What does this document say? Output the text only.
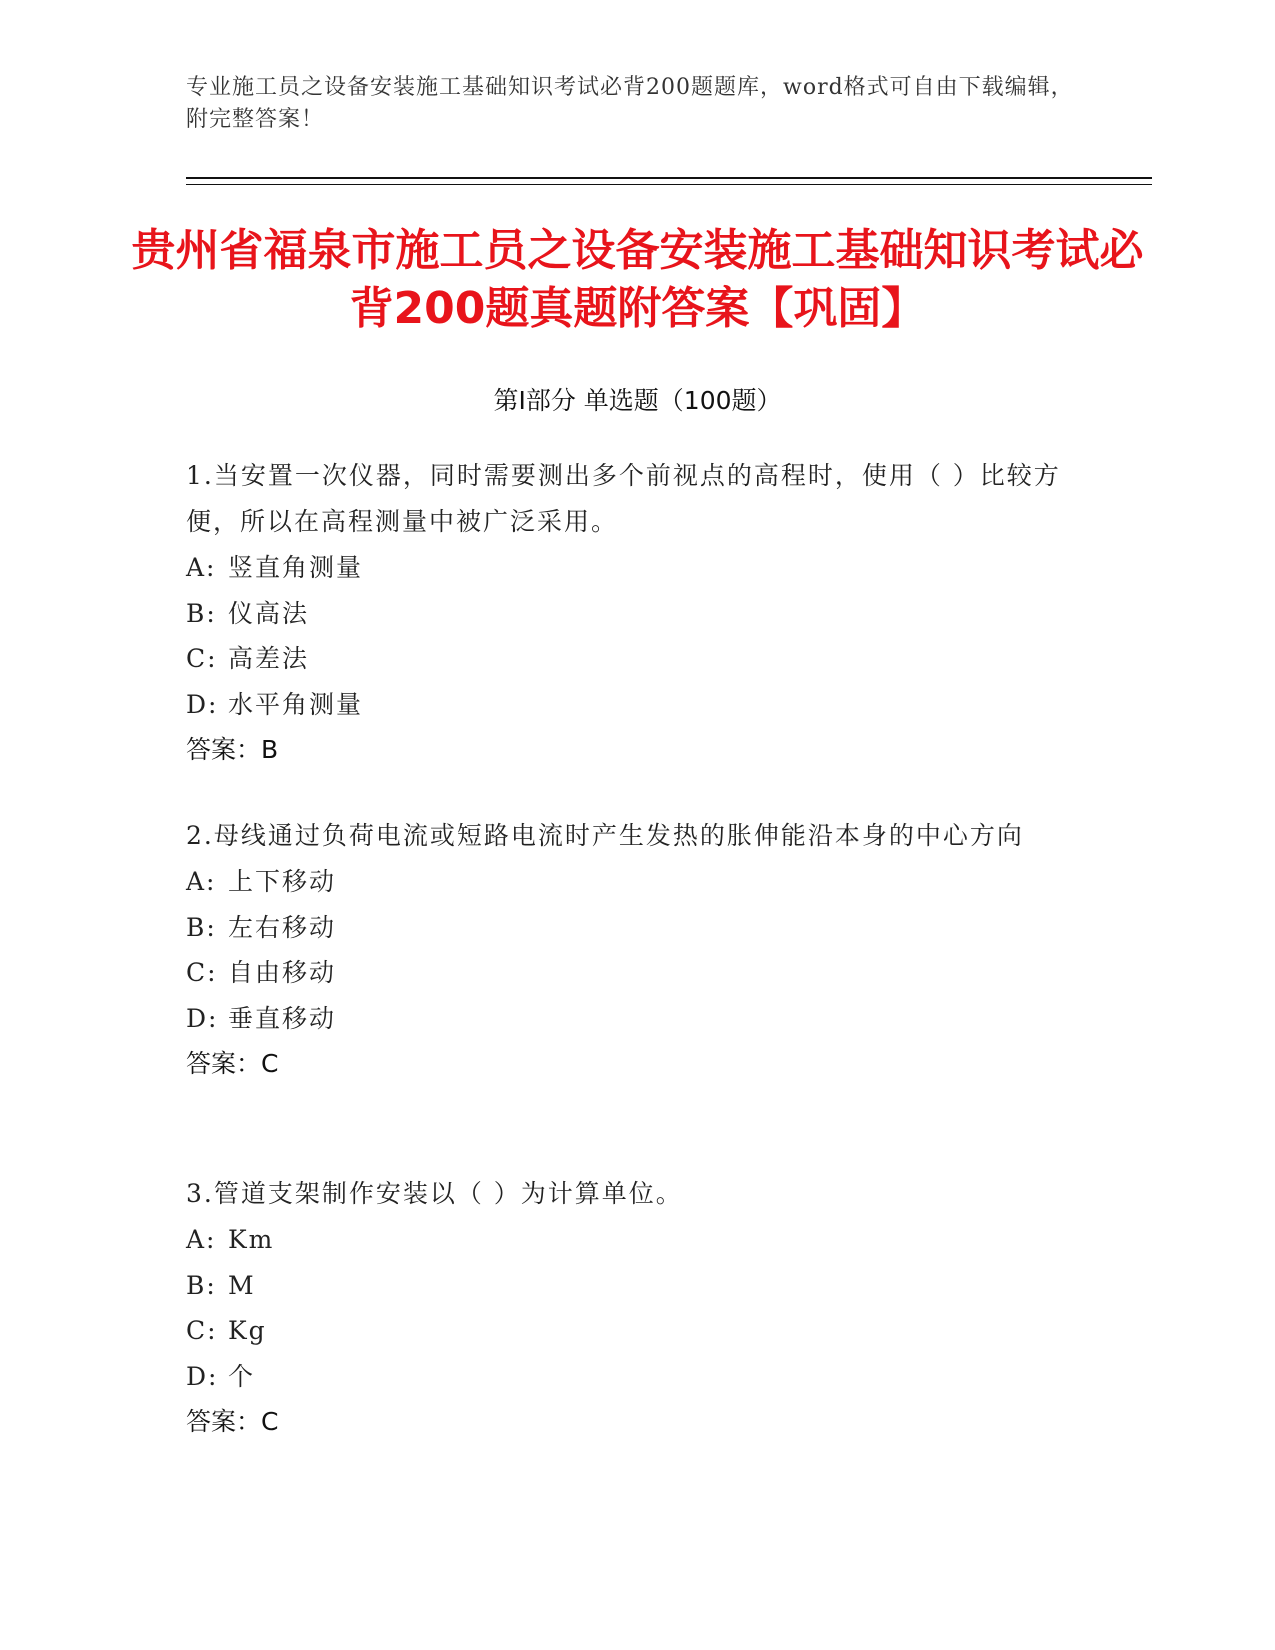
专业施工员之设备安装施工基础知识考试必背200题题库，word格式可自由下载编辑，附完整答案！
贵州省福泉市施工员之设备安装施工基础知识考试必背200题真题附答案【巩固】
第I部分 单选题（100题）

1.当安置一次仪器，同时需要测出多个前视点的高程时，使用（ ）比较方便，所以在高程测量中被广泛采用。

A: 竖直角测量
B: 仪高法
C: 高差法
D: 水平角测量

答案：B

2.母线通过负荷电流或短路电流时产生发热的胀伸能沿本身的中心方向

A: 上下移动
B: 左右移动
C: 自由移动
D: 垂直移动

答案：C

3.管道支架制作安装以（ ）为计算单位。

A: Km
B: M
C: Kg
D: 个

答案：C
